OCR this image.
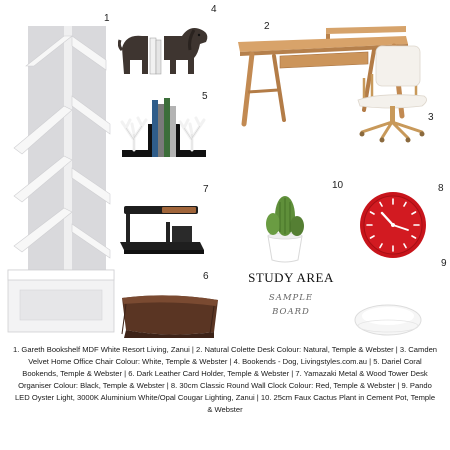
1
4
2
3
5
7	10	8
STUDY AREA
SAMPLE
BOARD
6
9
1. Gareth Bookshelf MDF White Resort Living, Zanui | 2. Natural Colette Desk Colour: Natural, Temple & Webster | 3. Camden Velvet Home Office Chair Colour: White, Temple & Webster | 4. Bookends - Dog, Livingstyles.com.au | 5. Dariel Coral Bookends, Temple & Webster | 6. Dark Leather Card Holder, Temple & Webster | 7. Yamazaki Metal & Wood Tower Desk Organiser Colour: Black, Temple & Webster | 8. 30cm Classic Round Wall Clock Colour: Red, Temple & Webster | 9. Pando LED Oyster Light, 3000K Aluminium White/Opal Cougar Lighting, Zanui | 10. 25cm Faux Cactus Plant in Cement Pot, Temple & Webster
